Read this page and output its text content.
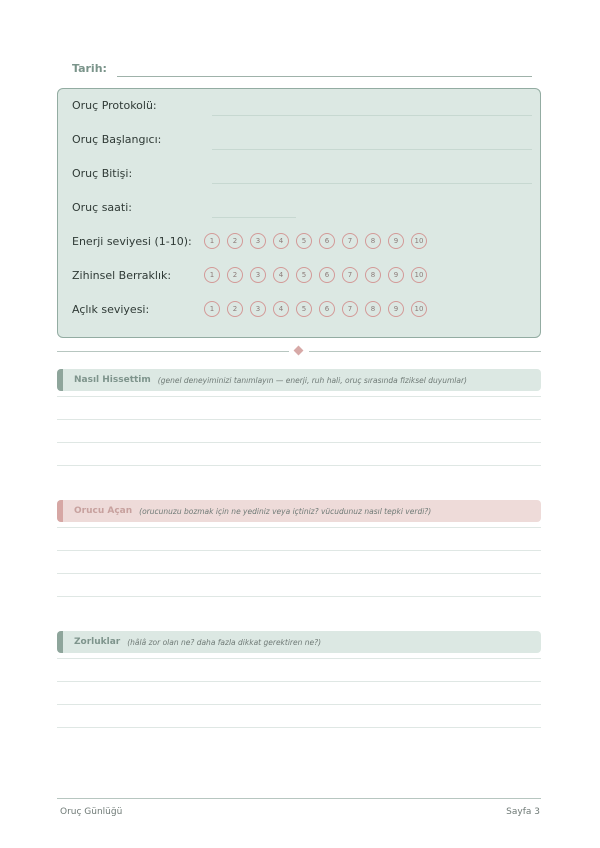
Tarih:
Oruç Protokolü:
Oruç Başlangıcı:
Oruç Bitişi:
Oruç saati:
Enerji seviyesi (1-10):	1	2	3	4	5	6	7	8	9	10
Zihinsel Berraklık:	1	2	3	4	5	6	7	8	9	10
Açlık seviyesi:	1	2	3	4	5	6	7	8	9	10
Nasıl Hissettim (genel deneyiminizi tanımlayın — enerji, ruh hali, oruç sırasında fiziksel duyumlar)
Orucu Açan (orucunuzu bozmak için ne yediniz veya içtiniz? vücudunuz nasıl tepki verdi?)
Zorluklar (hâlâ zor olan ne? daha fazla dikkat gerektiren ne?)
Oruç Günlüğü	Sayfa 3
